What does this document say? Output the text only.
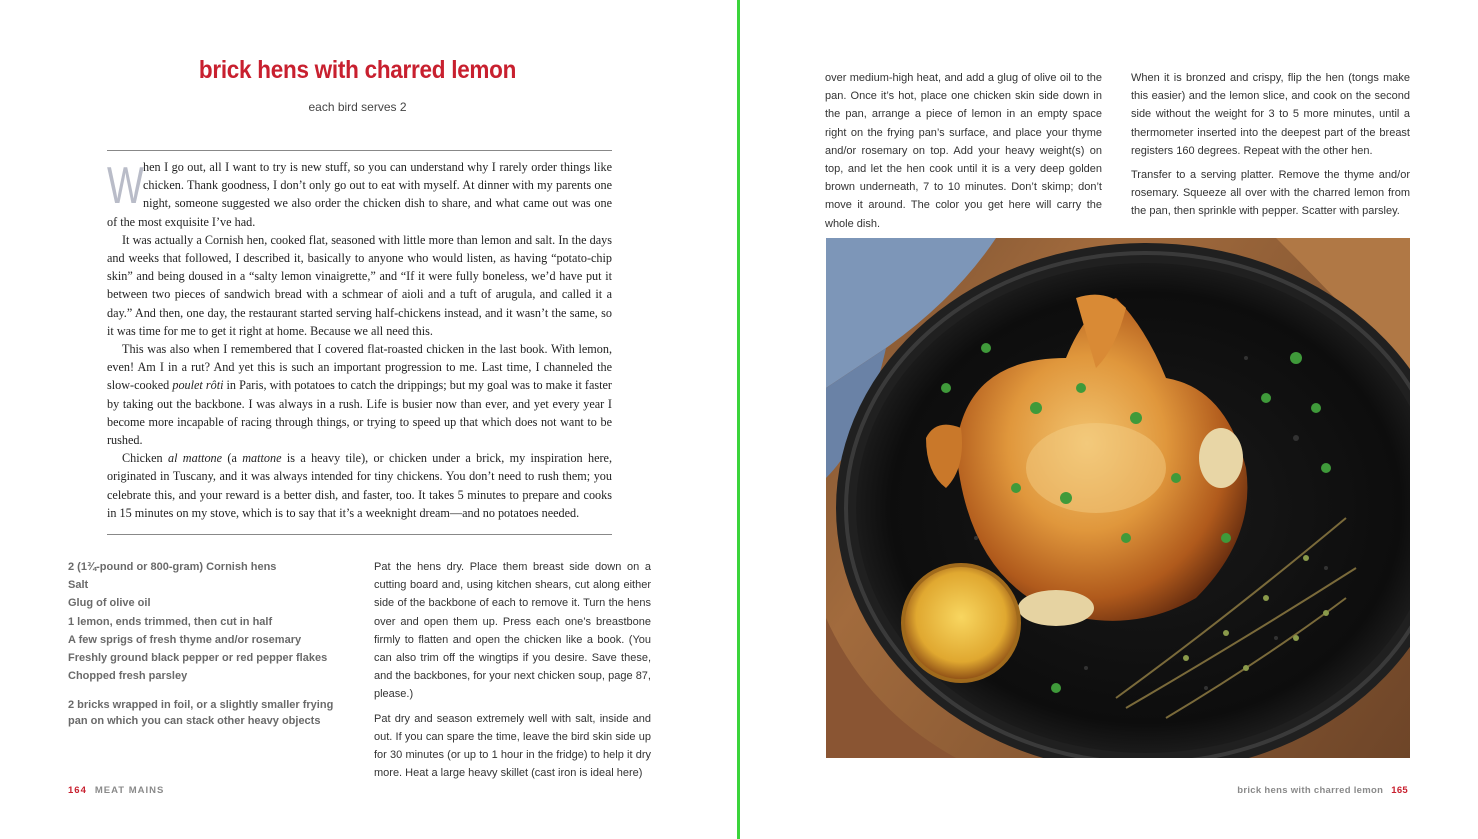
brick hens with charred lemon
each bird serves 2

When I go out, all I want to try is new stuff, so you can understand why I rarely order things like chicken. Thank goodness, I don’t only go out to eat with myself. At dinner with my parents one night, someone suggested we also order the chicken dish to share, and what came out was one of the most exquisite I’ve had.

It was actually a Cornish hen, cooked flat, seasoned with little more than lemon and salt. In the days and weeks that followed, I described it, basically to anyone who would listen, as having “potato-chip skin” and being doused in a “salty lemon vinaigrette,” and “If it were fully boneless, we’d have put it between two pieces of sandwich bread with a schmear of aioli and a tuft of arugula, and called it a day.” And then, one day, the restaurant started serving half-chickens instead, and it wasn’t the same, so it was time for me to get it right at home. Because we all need this.

This was also when I remembered that I covered flat-roasted chicken in the last book. With lemon, even! Am I in a rut? And yet this is such an important progression to me. Last time, I channeled the slow-cooked poulet rôti in Paris, with potatoes to catch the drippings; but my goal was to make it faster by taking out the backbone. I was always in a rush. Life is busier now than ever, and yet every year I become more incapable of racing through things, or trying to speed up that which does not want to be rushed.

Chicken al mattone (a mattone is a heavy tile), or chicken under a brick, my inspiration here, originated in Tuscany, and it was always intended for tiny chickens. You don’t need to rush them; you celebrate this, and your reward is a better dish, and faster, too. It takes 5 minutes to prepare and cooks in 15 minutes on my stove, which is to say that it’s a weeknight dream—and no potatoes needed.

2 (1¾-pound or 800-gram) Cornish hens
Salt
Glug of olive oil
1 lemon, ends trimmed, then cut in half
A few sprigs of fresh thyme and/or rosemary
Freshly ground black pepper or red pepper flakes
Chopped fresh parsley
2 bricks wrapped in foil, or a slightly smaller frying pan on which you can stack other heavy objects

Pat the hens dry. Place them breast side down on a cutting board and, using kitchen shears, cut along either side of the backbone of each to remove it. Turn the hens over and open them up. Press each one’s breastbone firmly to flatten and open the chicken like a book. (You can also trim off the wingtips if you desire. Save these, and the backbones, for your next chicken soup, page 87, please.)

Pat dry and season extremely well with salt, inside and out. If you can spare the time, leave the bird skin side up for 30 minutes (or up to 1 hour in the fridge) to help it dry more. Heat a large heavy skillet (cast iron is ideal here)

164 MEAT MAINS

over medium-high heat, and add a glug of olive oil to the pan. Once it’s hot, place one chicken skin side down in the pan, arrange a piece of lemon in an empty space right on the frying pan’s surface, and place your thyme and/or rosemary on top. Add your heavy weight(s) on top, and let the hen cook until it is a very deep golden brown underneath, 7 to 10 minutes. Don’t skimp; don’t move it around. The color you get here will carry the whole dish.

When it is bronzed and crispy, flip the hen (tongs make this easier) and the lemon slice, and cook on the second side without the weight for 3 to 5 more minutes, until a thermometer inserted into the deepest part of the breast registers 160 degrees. Repeat with the other hen.

Transfer to a serving platter. Remove the thyme and/or rosemary. Squeeze all over with the charred lemon from the pan, then sprinkle with pepper. Scatter with parsley.

brick hens with charred lemon 165
